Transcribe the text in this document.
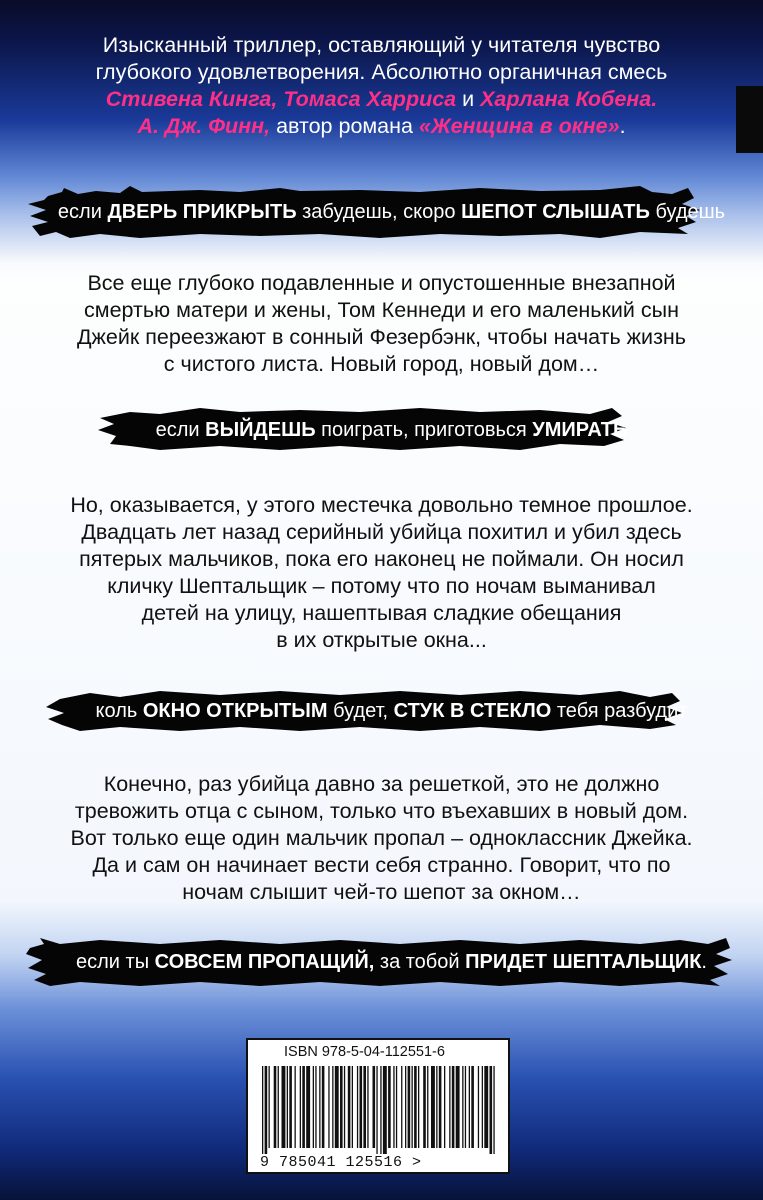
Изысканный триллер, оставляющий у читателя чувство
глубокого удовлетворения. Абсолютно органичная смесь
Стивена Кинга, Томаса Харриса и Харлана Кобена.
А. Дж. Финн, автор романа «Женщина в окне».

если ДВЕРЬ ПРИКРЫТЬ забудешь, скоро ШЕПОТ СЛЫШАТЬ будешь

Все еще глубоко подавленные и опустошенные внезапной
смертью матери и жены, Том Кеннеди и его маленький сын
Джейк переезжают в сонный Фезербэнк, чтобы начать жизнь
с чистого листа. Новый город, новый дом…

если ВЫЙДЕШЬ поиграть, приготовься УМИРАТЬ

Но, оказывается, у этого местечка довольно темное прошлое.
Двадцать лет назад серийный убийца похитил и убил здесь
пятерых мальчиков, пока его наконец не поймали. Он носил
кличку Шептальщик – потому что по ночам выманивал
детей на улицу, нашептывая сладкие обещания
в их открытые окна...

коль ОКНО ОТКРЫТЫМ будет, СТУК В СТЕКЛО тебя разбудит

Конечно, раз убийца давно за решеткой, это не должно
тревожить отца с сыном, только что въехавших в новый дом.
Вот только еще один мальчик пропал – одноклассник Джейка.
Да и сам он начинает вести себя странно. Говорит, что по
ночам слышит чей-то шепот за окном…

если ты СОВСЕМ ПРОПАЩИЙ, за тобой ПРИДЕТ ШЕПТАЛЬЩИК.
ISBN 978-5-04-112551-6
9 785041 125516 >
